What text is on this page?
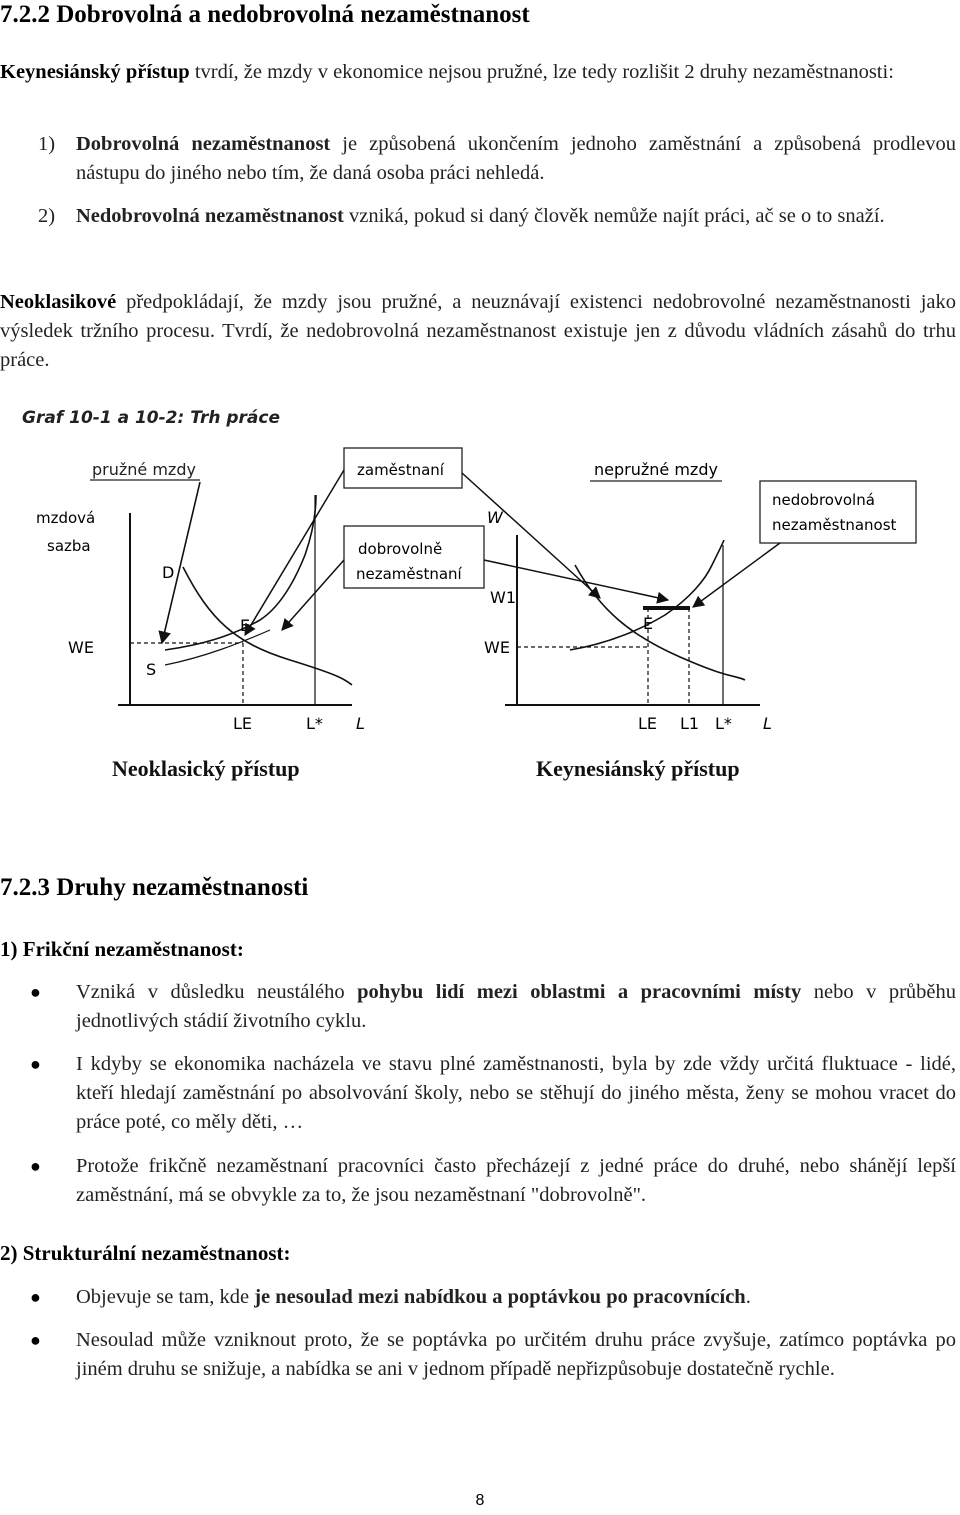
7.2.2 Dobrovolná a nedobrovolná nezaměstnanost
Keynesiánský přístup tvrdí, že mzdy v ekonomice nejsou pružné, lze tedy rozlišit 2 druhy nezaměstnanosti:
1) Dobrovolná nezaměstnanost je způsobená ukončením jednoho zaměstnání a způsobená prodlevou nástupu do jiného nebo tím, že daná osoba práci nehledá.
2) Nedobrovolná nezaměstnanost vzniká, pokud si daný člověk nemůže najít práci, ač se o to snaží.
Neoklasikové předpokládají, že mzdy jsou pružné, a neuznávají existenci nedobrovolné nezaměstnanosti jako výsledek tržního procesu. Tvrdí, že nedobrovolná nezaměstnanost existuje jen z důvodu vládních zásahů do trhu práce.
Graf 10-1 a 10-2: Trh práce
pružné mzdy
mzdová
sazba
D
S
E
WE
LE	L* L
zaměstnaní
dobrovolně
nezaměstnaní
nepružné mzdy
nedobrovolná
nezaměstnanost
W
W1
WE
E
LE L1 L* L
Neoklasický přístup	Keynesiánský přístup
7.2.3 Druhy nezaměstnanosti
1) Frikční nezaměstnanost:
● Vzniká v důsledku neustálého pohybu lidí mezi oblastmi a pracovními místy nebo v průběhu jednotlivých stádií životního cyklu.
● I kdyby se ekonomika nacházela ve stavu plné zaměstnanosti, byla by zde vždy určitá fluktuace - lidé, kteří hledají zaměstnání po absolvování školy, nebo se stěhují do jiného města, ženy se mohou vracet do práce poté, co měly děti, …
● Protože frikčně nezaměstnaní pracovníci často přecházejí z jedné práce do druhé, nebo shánějí lepší zaměstnání, má se obvykle za to, že jsou nezaměstnaní "dobrovolně".
2) Strukturální nezaměstnanost:
● Objevuje se tam, kde je nesoulad mezi nabídkou a poptávkou po pracovnících.
● Nesoulad může vzniknout proto, že se poptávka po určitém druhu práce zvyšuje, zatímco poptávka po jiném druhu se snižuje, a nabídka se ani v jednom případě nepřizpůsobuje dostatečně rychle.
8
